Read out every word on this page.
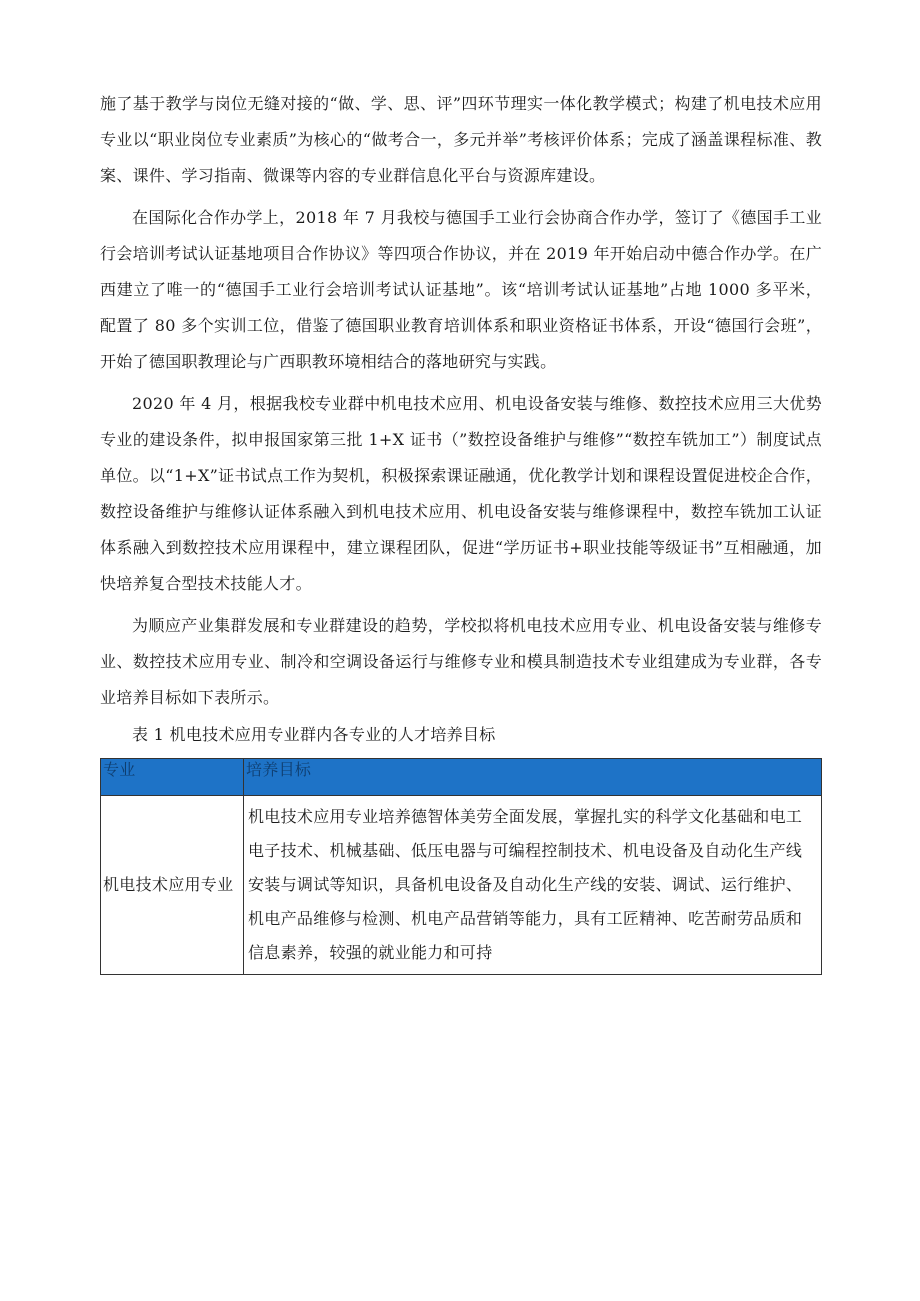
施了基于教学与岗位无缝对接的“做、学、思、评”四环节理实一体化教学模式；构建了机电技术应用专业以“职业岗位专业素质”为核心的“做考合一，多元并举”考核评价体系；完成了涵盖课程标准、教案、课件、学习指南、微课等内容的专业群信息化平台与资源库建设。

在国际化合作办学上，2018 年 7 月我校与德国手工业行会协商合作办学，签订了《德国手工业行会培训考试认证基地项目合作协议》等四项合作协议，并在 2019 年开始启动中德合作办学。在广西建立了唯一的“德国手工业行会培训考试认证基地”。该“培训考试认证基地”占地 1000 多平米，配置了 80 多个实训工位，借鉴了德国职业教育培训体系和职业资格证书体系，开设“德国行会班”，开始了德国职教理论与广西职教环境相结合的落地研究与实践。

2020 年 4 月，根据我校专业群中机电技术应用、机电设备安装与维修、数控技术应用三大优势专业的建设条件，拟申报国家第三批 1+X 证书（”数控设备维护与维修”“数控车铣加工”）制度试点单位。以“1+X”证书试点工作为契机，积极探索课证融通，优化教学计划和课程设置促进校企合作，数控设备维护与维修认证体系融入到机电技术应用、机电设备安装与维修课程中，数控车铣加工认证体系融入到数控技术应用课程中，建立课程团队，促进“学历证书+职业技能等级证书”互相融通，加快培养复合型技术技能人才。

为顺应产业集群发展和专业群建设的趋势，学校拟将机电技术应用专业、机电设备安装与维修专业、数控技术应用专业、制冷和空调设备运行与维修专业和模具制造技术专业组建成为专业群，各专业培养目标如下表所示。

表 1 机电技术应用专业群内各专业的人才培养目标

专业	培养目标
机电技术应用专业	机电技术应用专业培养德智体美劳全面发展，掌握扎实的科学文化基础和电工电子技术、机械基础、低压电器与可编程控制技术、机电设备及自动化生产线安装与调试等知识，具备机电设备及自动化生产线的安装、调试、运行维护、机电产品维修与检测、机电产品营销等能力，具有工匠精神、吃苦耐劳品质和信息素养，较强的就业能力和可持
